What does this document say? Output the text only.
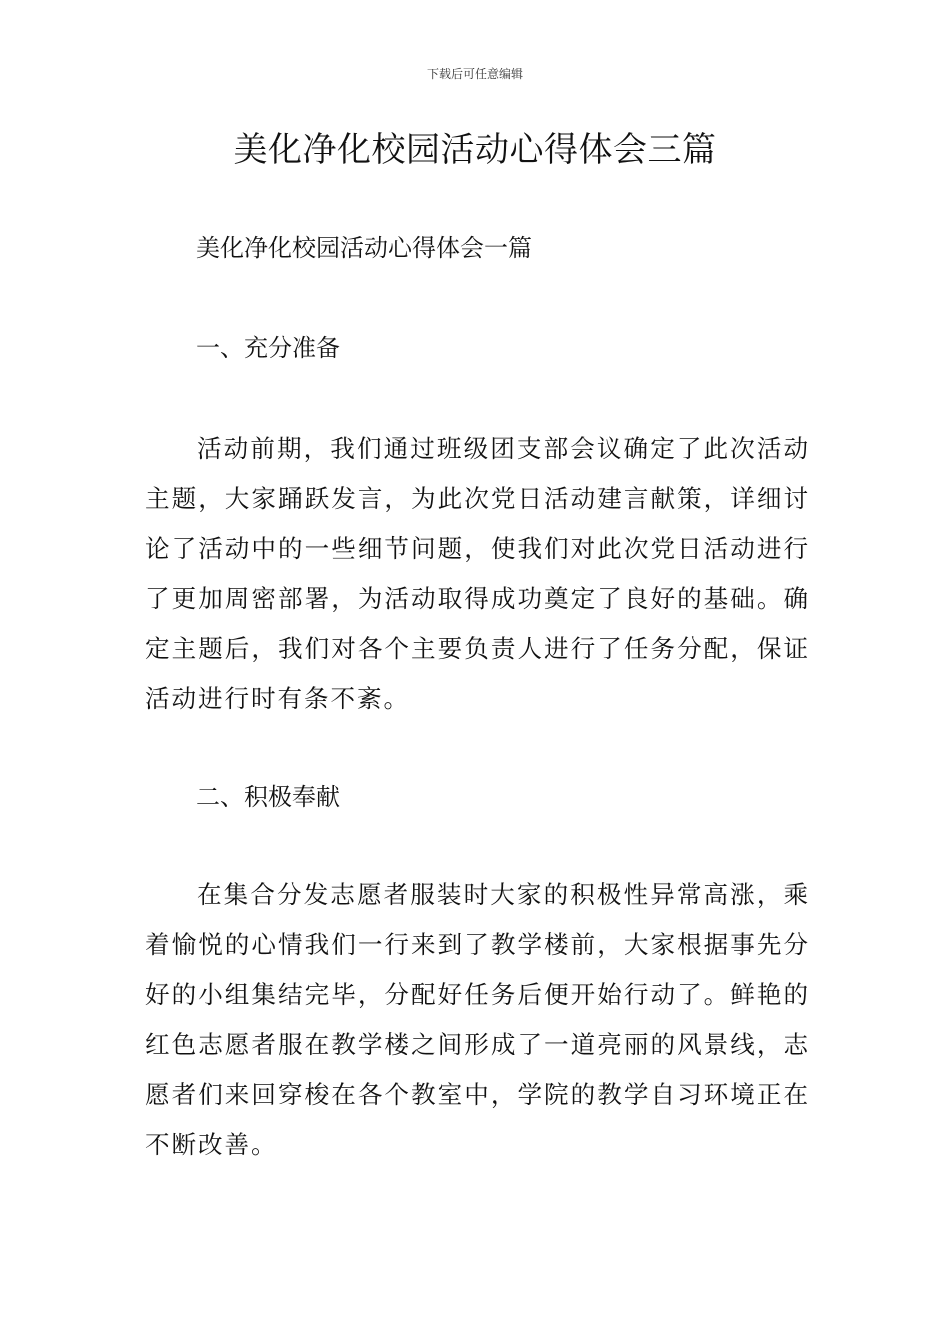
下载后可任意编辑
美化净化校园活动心得体会三篇
美化净化校园活动心得体会一篇
一、充分准备

活动前期，我们通过班级团支部会议确定了此次活动主题，大家踊跃发言，为此次党日活动建言献策，详细讨论了活动中的一些细节问题，使我们对此次党日活动进行了更加周密部署，为活动取得成功奠定了良好的基础。确定主题后，我们对各个主要负责人进行了任务分配，保证活动进行时有条不紊。

二、积极奉献

在集合分发志愿者服装时大家的积极性异常高涨，乘着愉悦的心情我们一行来到了教学楼前，大家根据事先分好的小组集结完毕，分配好任务后便开始行动了。鲜艳的红色志愿者服在教学楼之间形成了一道亮丽的风景线，志愿者们来回穿梭在各个教室中，学院的教学自习环境正在不断改善。
